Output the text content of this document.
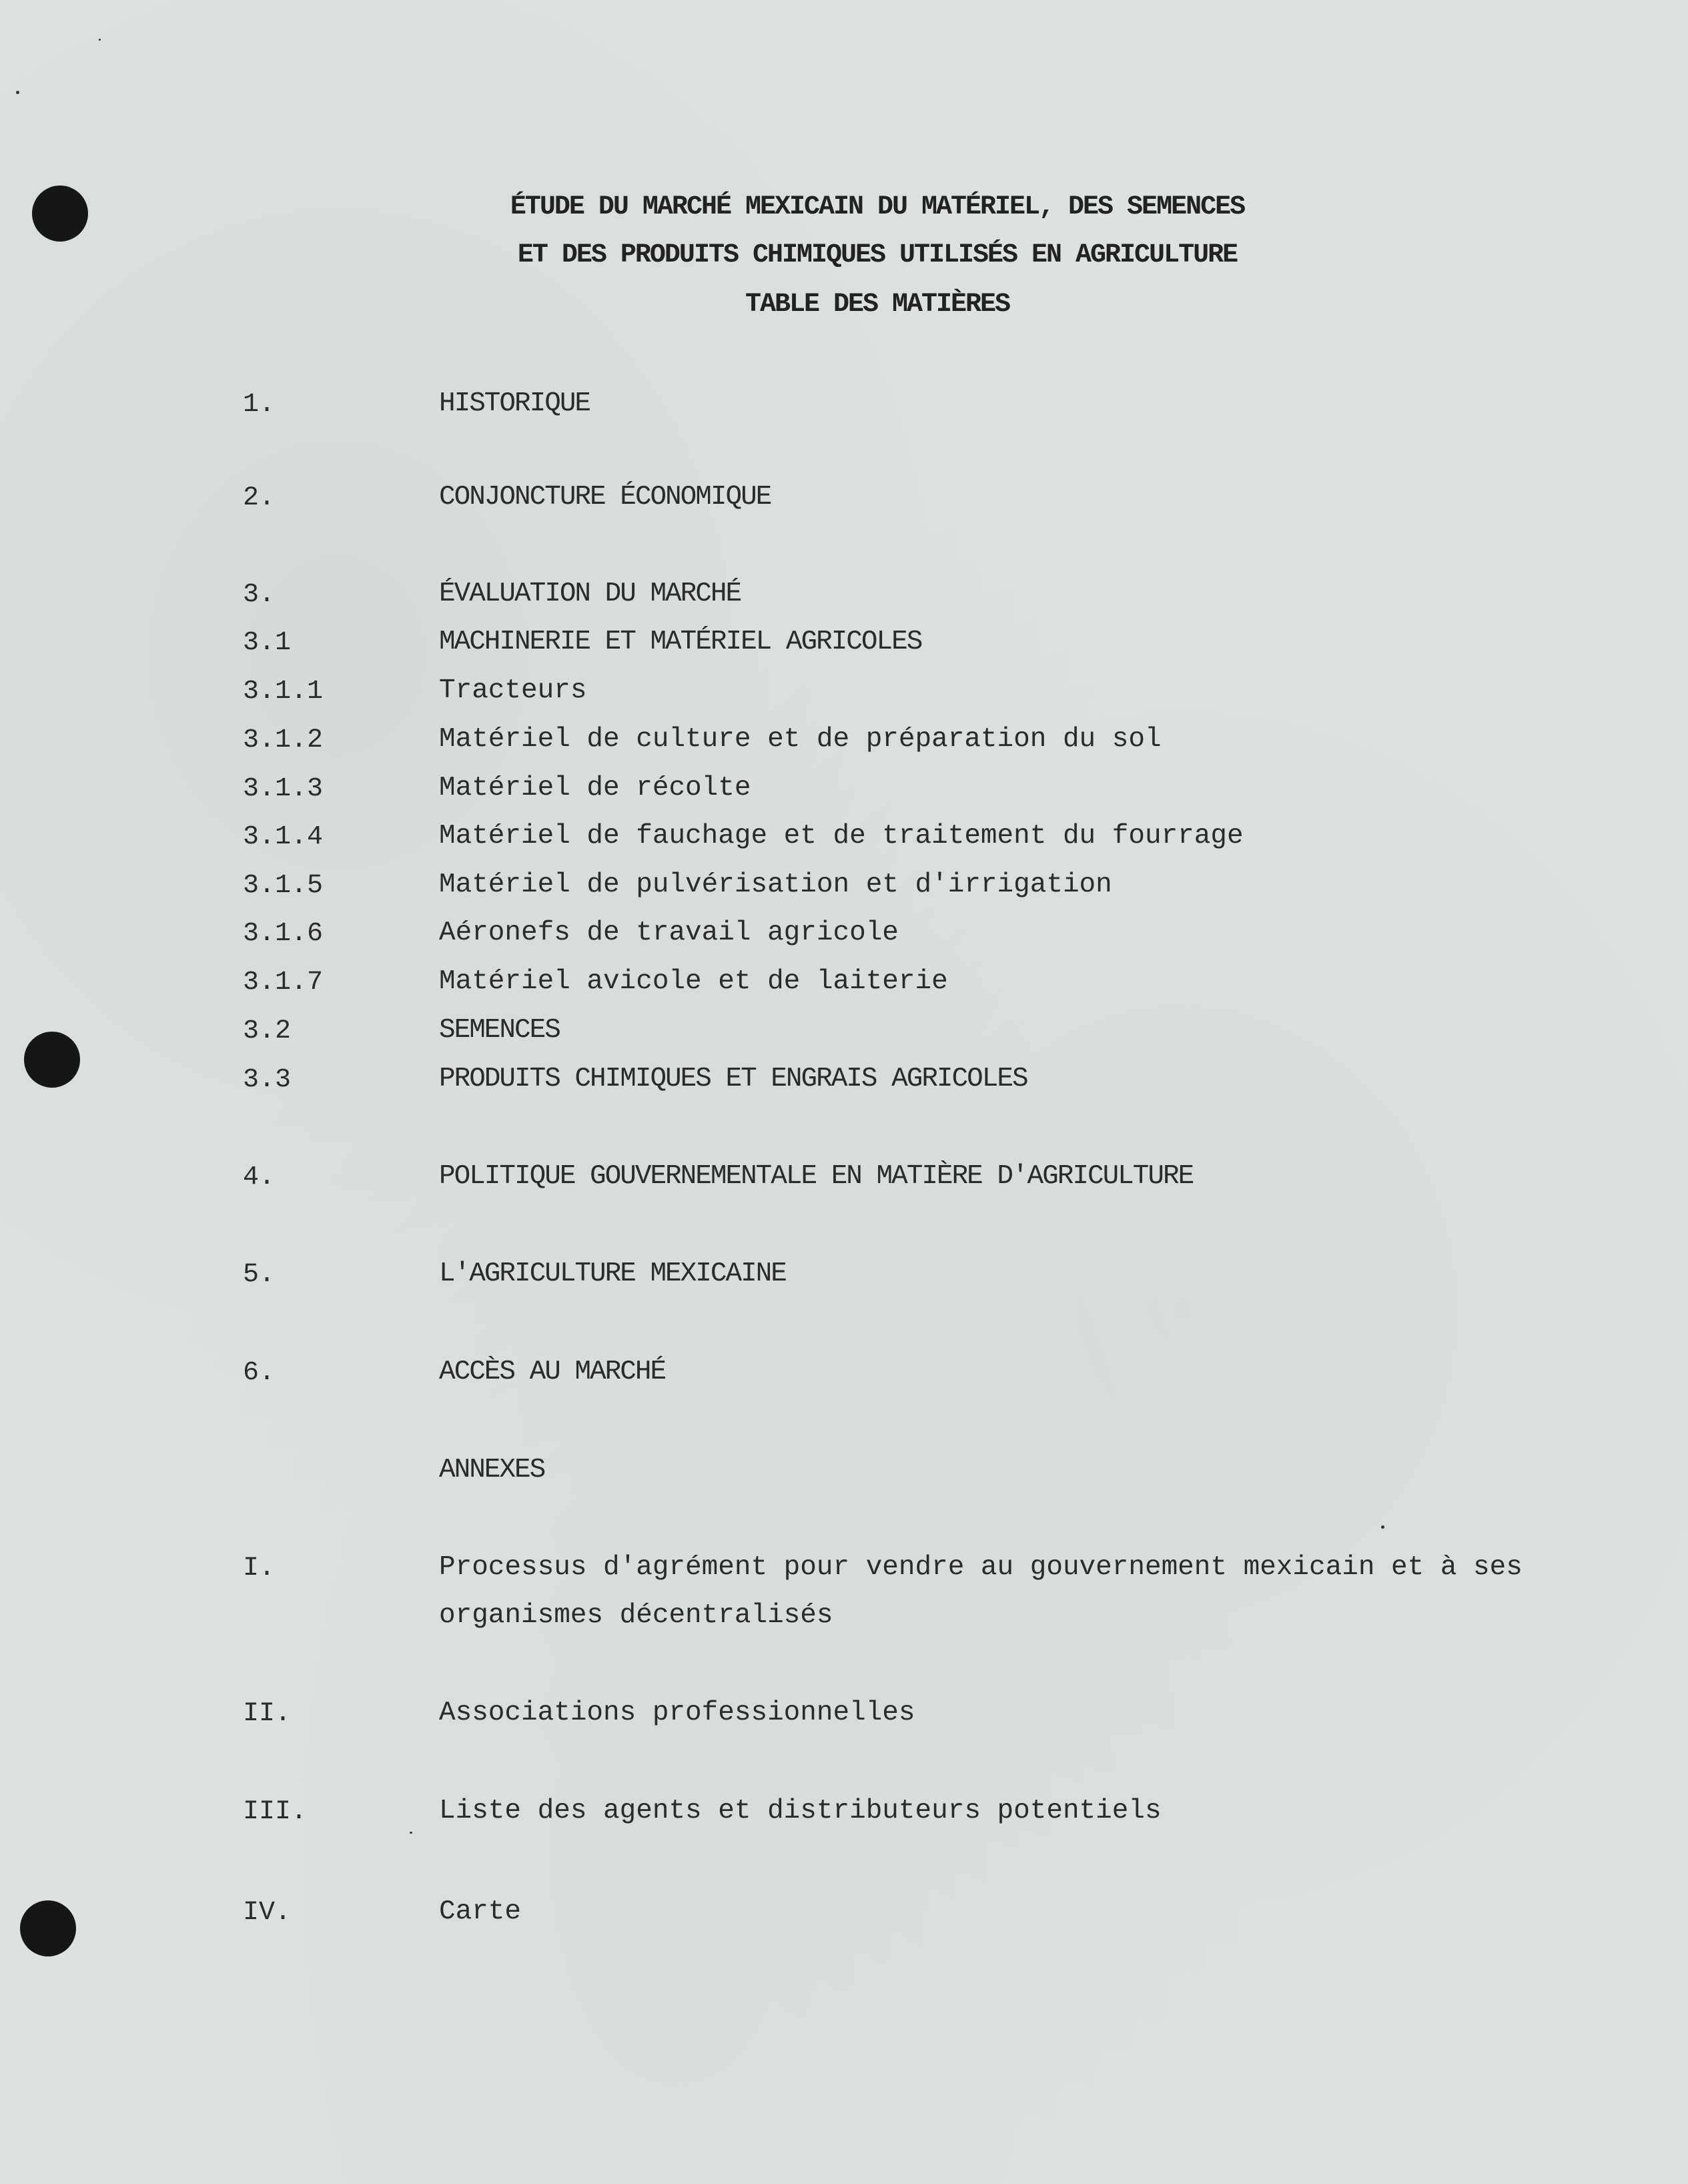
ÉTUDE DU MARCHÉ MEXICAIN DU MATÉRIEL, DES SEMENCES
ET DES PRODUITS CHIMIQUES UTILISÉS EN AGRICULTURE
TABLE DES MATIÈRES
1.	HISTORIQUE
2.	CONJONCTURE ÉCONOMIQUE
3.	ÉVALUATION DU MARCHÉ
3.1	MACHINERIE ET MATÉRIEL AGRICOLES
3.1.1	Tracteurs
3.1.2	Matériel de culture et de préparation du sol
3.1.3	Matériel de récolte
3.1.4	Matériel de fauchage et de traitement du fourrage
3.1.5	Matériel de pulvérisation et d'irrigation
3.1.6	Aéronefs de travail agricole
3.1.7	Matériel avicole et de laiterie
3.2	SEMENCES
3.3	PRODUITS CHIMIQUES ET ENGRAIS AGRICOLES
4.	POLITIQUE GOUVERNEMENTALE EN MATIÈRE D'AGRICULTURE
5.	L'AGRICULTURE MEXICAINE
6.	ACCÈS AU MARCHÉ
ANNEXES
I.	Processus d'agrément pour vendre au gouvernement mexicain et à ses
organismes décentralisés
II.	Associations professionnelles
III.	Liste des agents et distributeurs potentiels
IV.	Carte
